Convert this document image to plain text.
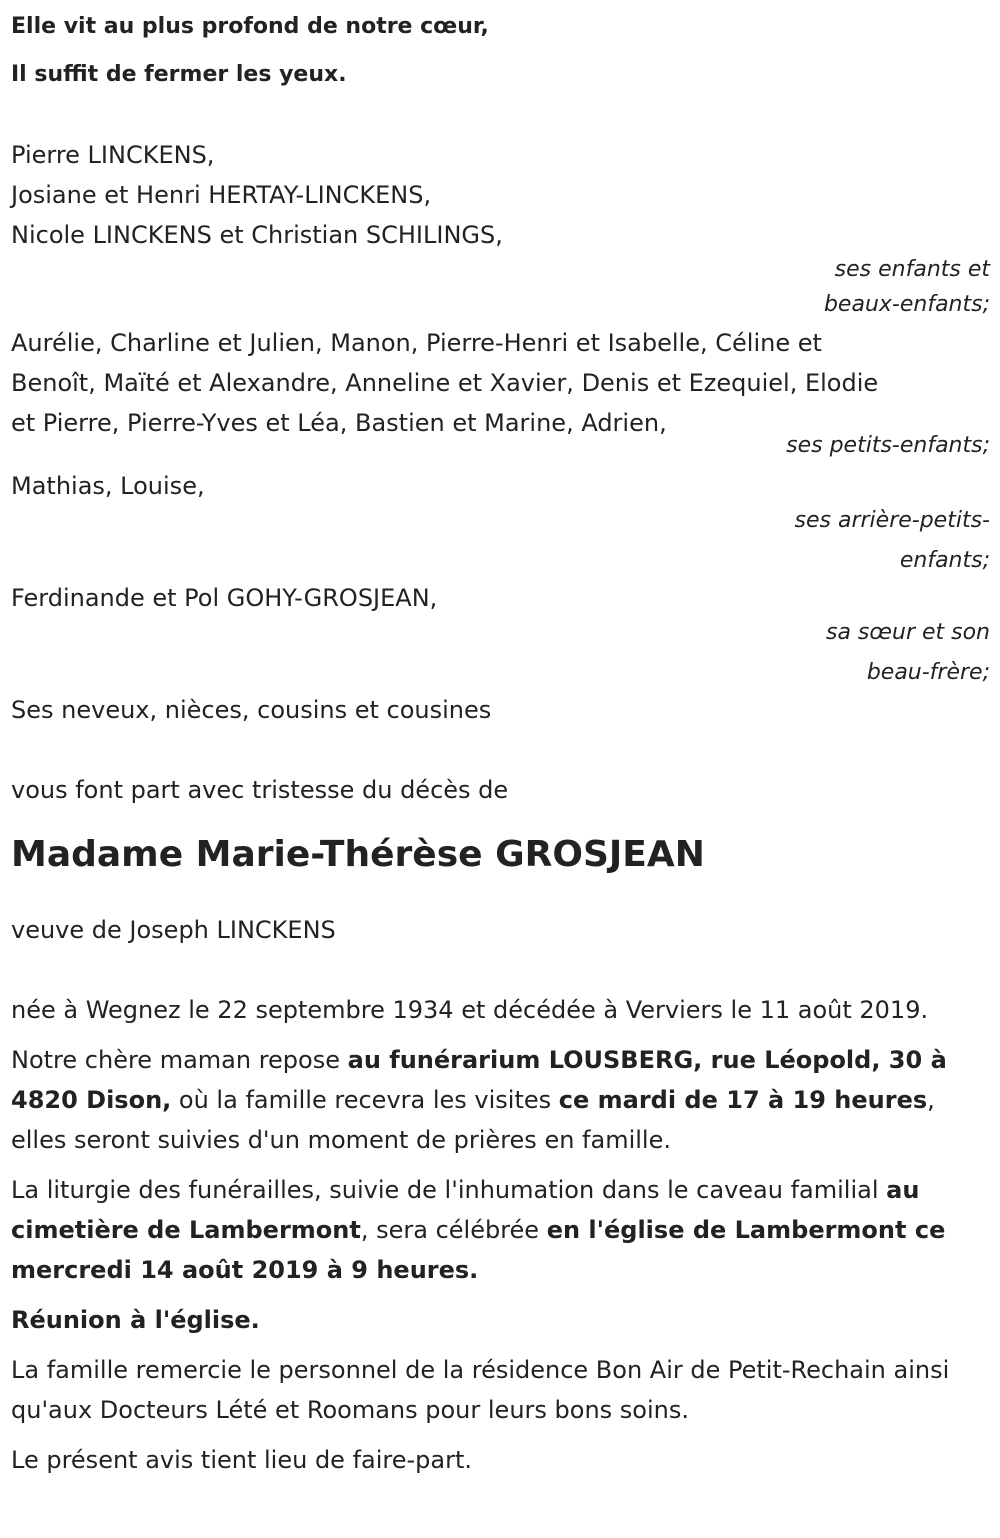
Elle vit au plus profond de notre cœur,
Il suffit de fermer les yeux.
Pierre LINCKENS,
Josiane et Henri HERTAY-LINCKENS,
Nicole LINCKENS et Christian SCHILINGS,
ses enfants et
beaux-enfants;
Aurélie, Charline et Julien, Manon, Pierre-Henri et Isabelle, Céline et
Benoît, Maïté et Alexandre, Anneline et Xavier, Denis et Ezequiel, Elodie
et Pierre, Pierre-Yves et Léa, Bastien et Marine, Adrien,
ses petits-enfants;
Mathias, Louise,
ses arrière-petits-
enfants;
Ferdinande et Pol GOHY-GROSJEAN,
sa sœur et son
beau-frère;
Ses neveux, nièces, cousins et cousines
vous font part avec tristesse du décès de
Madame Marie-Thérèse GROSJEAN
veuve de Joseph LINCKENS
née à Wegnez le 22 septembre 1934 et décédée à Verviers le 11 août 2019.
Notre chère maman repose au funérarium LOUSBERG, rue Léopold, 30 à 4820 Dison, où la famille recevra les visites ce mardi de 17 à 19 heures, elles seront suivies d'un moment de prières en famille.
La liturgie des funérailles, suivie de l'inhumation dans le caveau familial au cimetière de Lambermont, sera célébrée en l'église de Lambermont ce mercredi 14 août 2019 à 9 heures.
Réunion à l'église.
La famille remercie le personnel de la résidence Bon Air de Petit-Rechain ainsi qu'aux Docteurs Lété et Roomans pour leurs bons soins.
Le présent avis tient lieu de faire-part.
